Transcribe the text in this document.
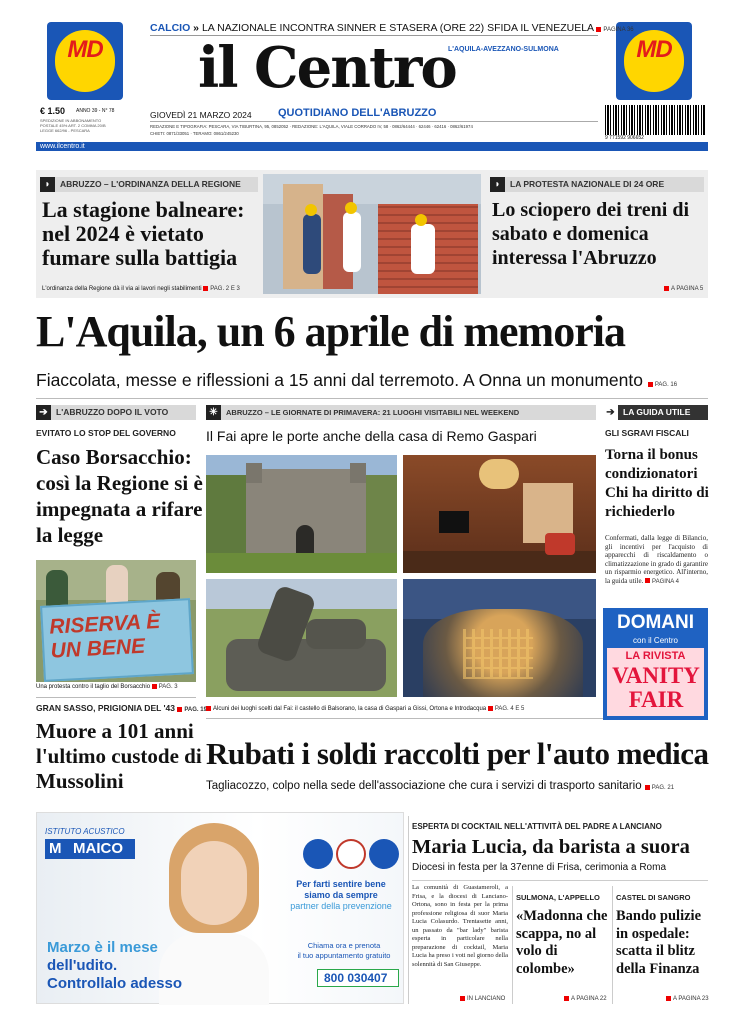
MD	MD
CALCIO » LA NAZIONALE INCONTRA SINNER E STASERA (ORE 22) SFIDA IL VENEZUELA PAGINA 36
il Centro
L'AQUILA-AVEZZANO-SULMONA
€ 1.50 ANNO 39 - N° 78
SPEDIZIONE IN ABBONAMENTO POSTALE 45% ART. 2 COMMA 20/B LEGGE 662/96 - PESCARA
GIOVEDÌ 21 MARZO 2024 QUOTIDIANO DELL'ABRUZZO
REDAZIONE E TIPOGRAFIA: PESCARA, VIA TIBURTINA, 95, 0852052 · REDAZIONE: L'AQUILA, VIALE CORRADO IV, 58 · 0862/64444 · 62446 · 62416 · 0862/61974
CHIETI: 0871/33051 · TERAMO: 0861/245230
9 771592 906652
www.ilcentro.it
◗	ABRUZZO – L'ORDINANZA DELLA REGIONE
La stagione balneare: nel 2024 è vietato fumare sulla battigia
L'ordinanza della Regione dà il via ai lavori negli stabilimenti PAG. 2 E 3
◗	LA PROTESTA NAZIONALE DI 24 ORE
Lo sciopero dei treni di sabato e domenica interessa l'Abruzzo
A PAGINA 5
L'Aquila, un 6 aprile di memoria
Fiaccolata, messe e riflessioni a 15 anni dal terremoto. A Onna un monumento PAG. 16
➔ L'ABRUZZO DOPO IL VOTO
EVITATO LO STOP DEL GOVERNO
Caso Borsacchio: così la Regione si è impegnata a rifare la legge
RISERVA È UN BENE
Una protesta contro il taglio del Borsacchio PAG. 3
GRAN SASSO, PRIGIONIA DEL '43 PAG. 19
Muore a 101 anni l'ultimo custode di Mussolini
✳	ABRUZZO – LE GIORNATE DI PRIMAVERA: 21 LUOGHI VISITABILI NEL WEEKEND
Il Fai apre le porte anche della casa di Remo Gaspari
Alcuni dei luoghi scelti dal Fai: il castello di Balsorano, la casa di Gaspari a Gissi, Ortona e Introdacqua PAG. 4 E 5
Rubati i soldi raccolti per l'auto medica
Tagliacozzo, colpo nella sede dell'associazione che cura i servizi di trasporto sanitario PAG. 21
➔ LA GUIDA UTILE
GLI SGRAVI FISCALI
Torna il bonus condizionatori Chi ha diritto di richiederlo
Confermati, dalla legge di Bilancio, gli incentivi per l'acquisto di apparecchi di riscaldamento o climatizzazione in grado di garantire un risparmio energetico. All'interno, la guida utile. PAGINA 4
DOMANI
con il Centro
LA RIVISTA
VANITY FAIR
ISTITUTO ACUSTICO
MAICO
M
Per farti sentire bene
siamo da sempre
partner della prevenzione
Marzo è il mese
dell'udito.
Controllalo adesso
Chiama ora e prenota
il tuo appuntamento gratuito
800 030407
ESPERTA DI COCKTAIL NELL'ATTIVITÀ DEL PADRE A LANCIANO
Maria Lucia, da barista a suora
Diocesi in festa per la 37enne di Frisa, cerimonia a Roma
La comunità di Guastameroli, a Frisa, e la diocesi di Lanciano-Ortona, sono in festa per la prima professione religiosa di suor Maria Lucia Colasurdo. Trentasette anni, un passato da "bar lady" barista esperta in particolare nella preparazione di cocktail, Maria Lucia ha preso i voti nel giorno della solennità di San Giuseppe.
IN LANCIANO
SULMONA, L'APPELLO
«Madonna che scappa, no al volo di colombe»
A PAGINA 22
CASTEL DI SANGRO
Bando pulizie in ospedale: scatta il blitz della Finanza
A PAGINA 23
